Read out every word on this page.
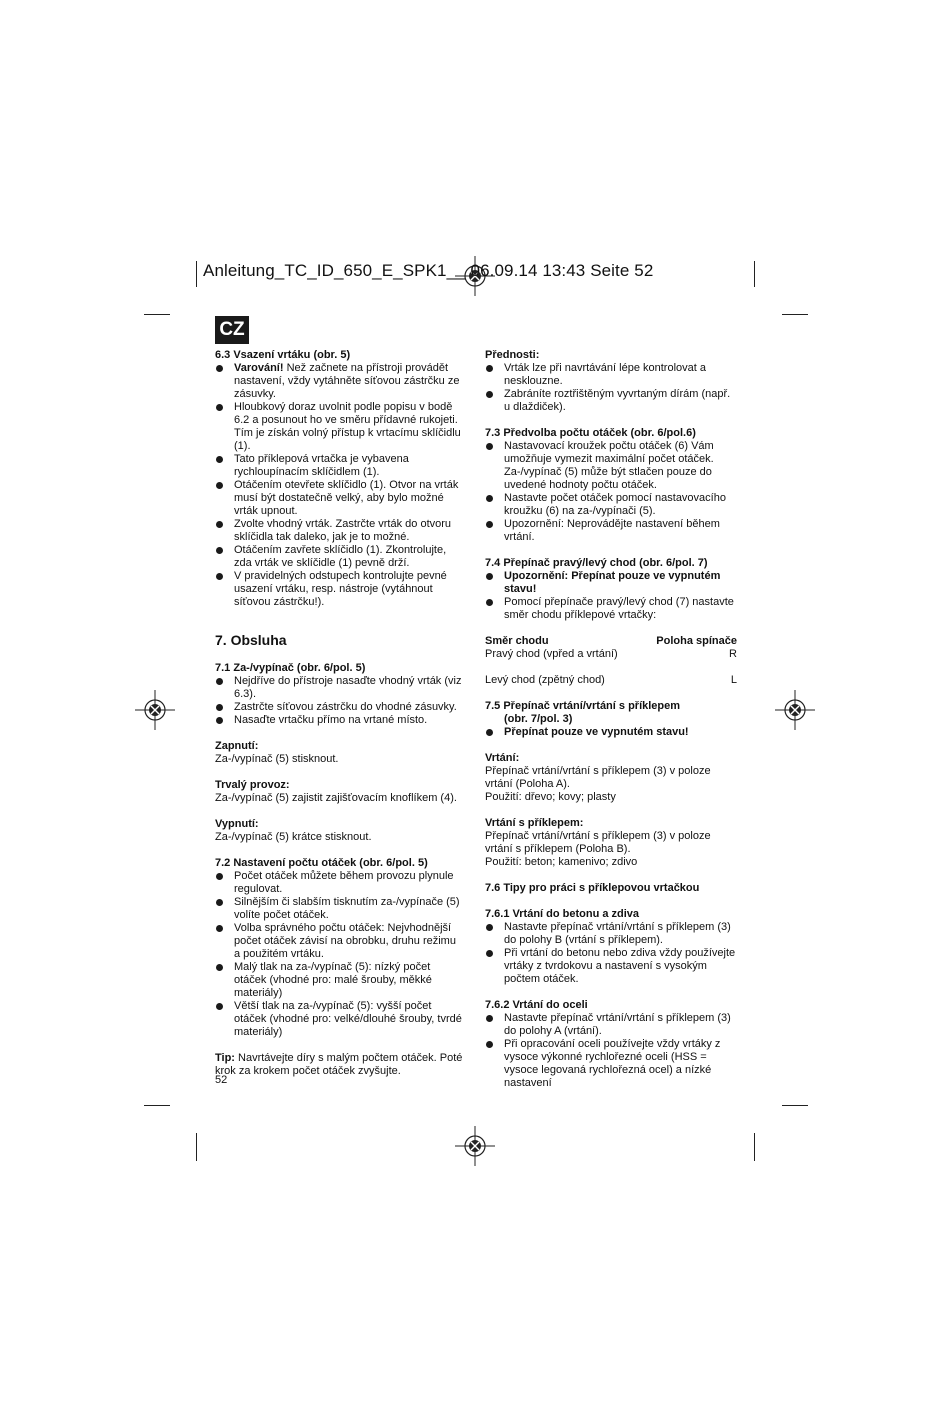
Anleitung_TC_ID_650_E_SPK1__ 06.09.14 13:43 Seite 52
CZ

6.3 Vsazení vrtáku (obr. 5)

Varování! Než začnete na přístroji provádět nastavení, vždy vytáhněte síťovou zástrčku ze zásuvky.
Hloubkový doraz uvolnit podle popisu v bodě 6.2 a posunout ho ve směru přídavné rukojeti. Tím je získán volný přístup k vrtacímu sklíčidlu (1).
Tato příklepová vrtačka je vybavena rychloupínacím sklíčidlem (1).
Otáčením otevřete sklíčidlo (1). Otvor na vrták musí být dostatečně velký, aby bylo možné vrták upnout.
Zvolte vhodný vrták. Zastrčte vrták do otvoru sklíčidla tak daleko, jak je to možné.
Otáčením zavřete sklíčidlo (1). Zkontrolujte, zda vrták ve sklíčidle (1) pevně drží.
V pravidelných odstupech kontrolujte pevné usazení vrtáku, resp. nástroje (vytáhnout síťovou zástrčku!).
7. Obsluha

7.1 Za-/vypínač (obr. 6/pol. 5)

Nejdříve do přístroje nasaďte vhodný vrták (viz 6.3).
Zastrčte síťovou zástrčku do vhodné zásuvky.
Nasaďte vrtačku přímo na vrtané místo.

Zapnutí:

Za-/vypínač (5) stisknout.

Trvalý provoz:

Za-/vypínač (5) zajistit zajišťovacím knoflíkem (4).

Vypnutí:

Za-/vypínač (5) krátce stisknout.

7.2 Nastavení počtu otáček (obr. 6/pol. 5)

Počet otáček můžete během provozu plynule regulovat.
Silnějším či slabším tisknutím za-/vypínače (5) volíte počet otáček.
Volba správného počtu otáček: Nejvhodnější počet otáček závisí na obrobku, druhu režimu a použitém vrtáku.
Malý tlak na za-/vypínač (5): nízký počet otáček (vhodné pro: malé šrouby, měkké materiály)
Větší tlak na za-/vypínač (5): vyšší počet otáček (vhodné pro: velké/dlouhé šrouby, tvrdé materiály)

Tip: Navrtávejte díry s malým počtem otáček. Poté krok za krokem počet otáček zvyšujte.

Přednosti:

Vrták lze při navrtávání lépe kontrolovat a nesklouzne.
Zabráníte roztřištěným vyvrtaným dírám (např. u dlaždiček).

7.3 Předvolba počtu otáček (obr. 6/pol.6)

Nastavovací kroužek počtu otáček (6) Vám umožňuje vymezit maximální počet otáček. Za-/vypínač (5) může být stlačen pouze do uvedené hodnoty počtu otáček.
Nastavte počet otáček pomocí nastavovacího kroužku (6) na za-/vypínači (5).
Upozornění: Neprovádějte nastavení během vrtání.

7.4 Přepínač pravý/levý chod (obr. 6/pol. 7)

Upozornění: Přepínat pouze ve vypnutém stavu!
Pomocí přepínače pravý/levý chod (7) nastavte směr chodu příklepové vrtačky:
Směr chodu	Poloha spínače
Pravý chod (vpřed a vrtání)	R
Levý chod (zpětný chod)	L

7.5 Přepínač vrtání/vrtání s příklepem

(obr. 7/pol. 3)

Přepínat pouze ve vypnutém stavu!

Vrtání:

Přepínač vrtání/vrtání s příklepem (3) v poloze vrtání (Poloha A).

Použití: dřevo; kovy; plasty

Vrtání s příklepem:

Přepínač vrtání/vrtání s příklepem (3) v poloze vrtání s příklepem (Poloha B).

Použití: beton; kamenivo; zdivo

7.6 Tipy pro práci s příklepovou vrtačkou

7.6.1 Vrtání do betonu a zdiva

Nastavte přepínač vrtání/vrtání s příklepem (3) do polohy B (vrtání s příklepem).
Při vrtání do betonu nebo zdiva vždy používejte vrtáky z tvrdokovu a nastavení s vysokým počtem otáček.

7.6.2 Vrtání do oceli

Nastavte přepínač vrtání/vrtání s příklepem (3) do polohy A (vrtání).
Při opracování oceli používejte vždy vrtáky z vysoce výkonné rychlořezné oceli (HSS = vysoce legovaná rychlořezná ocel) a nízké nastavení
52
